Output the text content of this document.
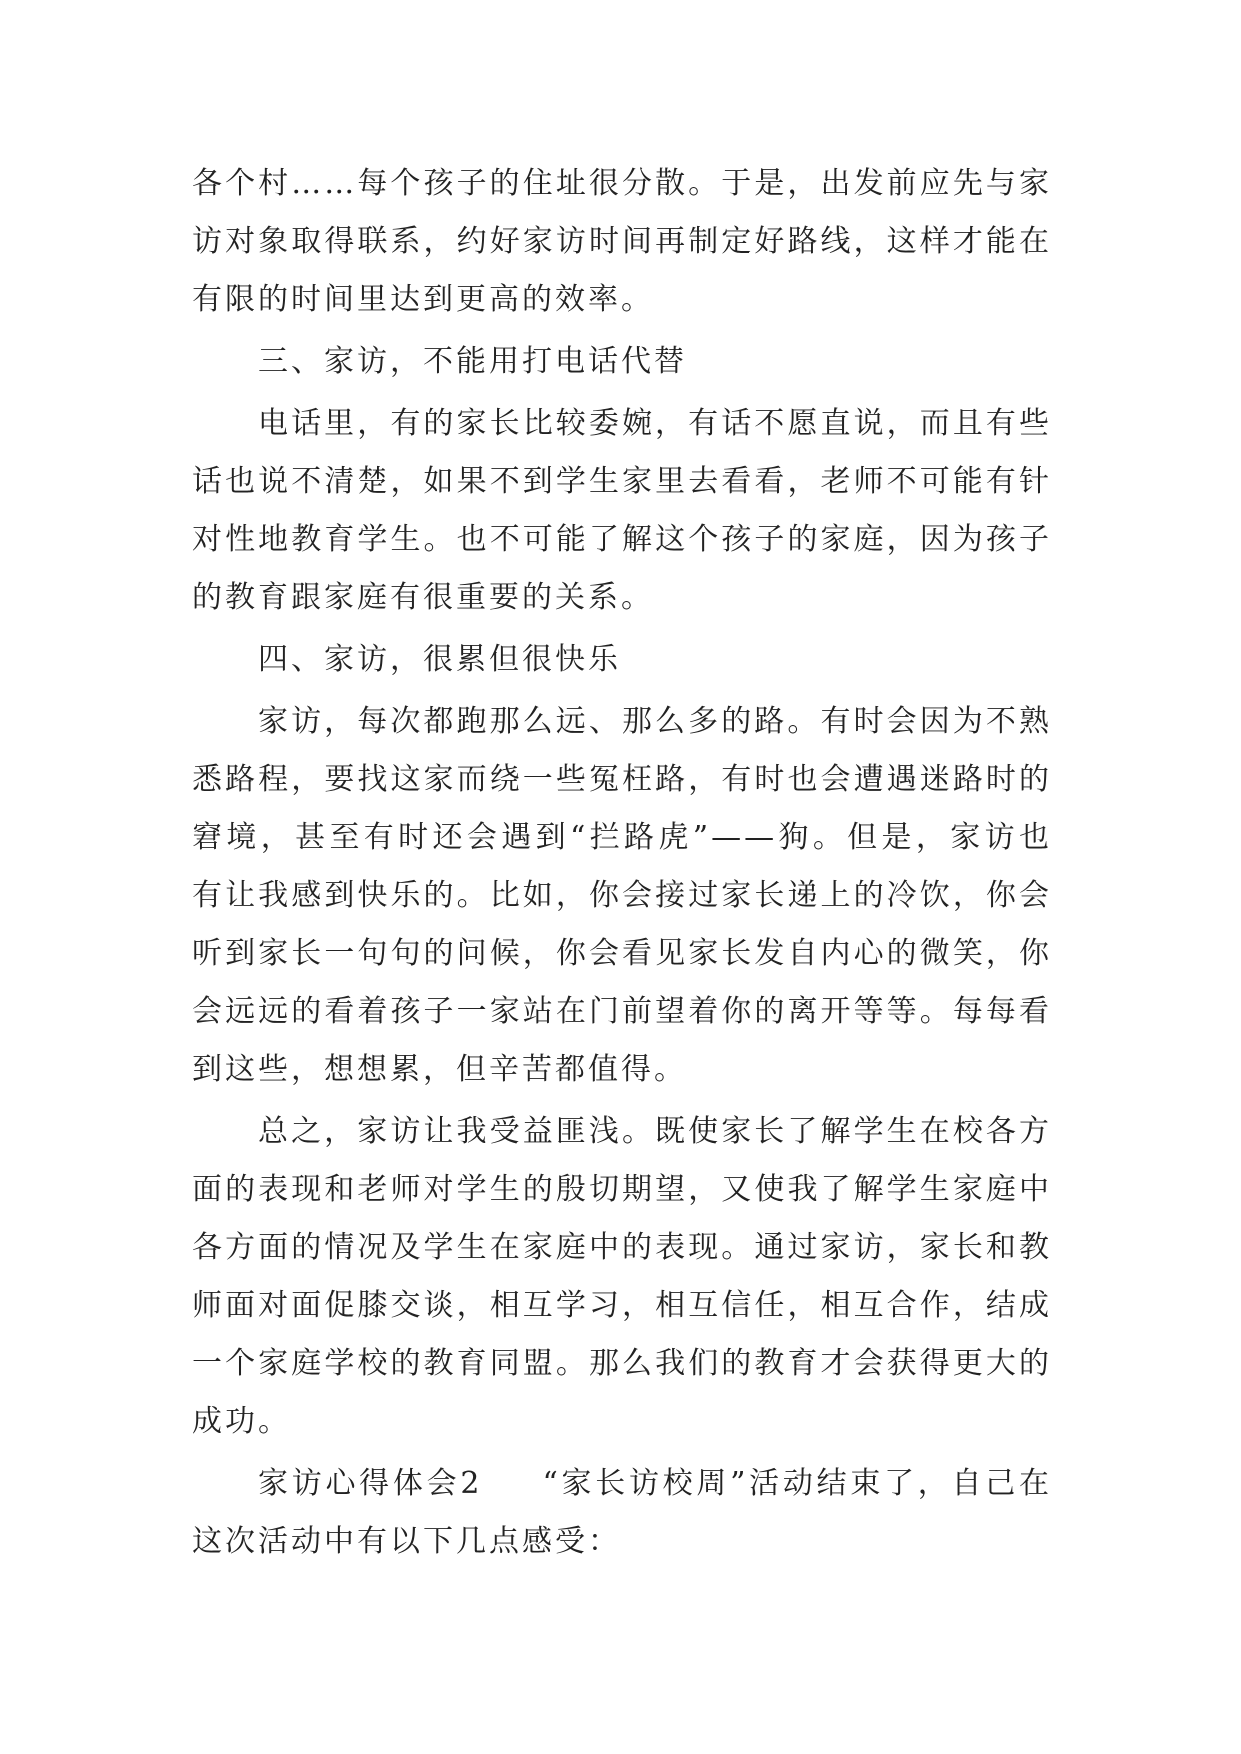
各个村……每个孩子的住址很分散。于是，出发前应先与家访对象取得联系，约好家访时间再制定好路线，这样才能在有限的时间里达到更高的效率。

三、家访，不能用打电话代替

电话里，有的家长比较委婉，有话不愿直说，而且有些话也说不清楚，如果不到学生家里去看看，老师不可能有针对性地教育学生。也不可能了解这个孩子的家庭，因为孩子的教育跟家庭有很重要的关系。

四、家访，很累但很快乐

家访，每次都跑那么远、那么多的路。有时会因为不熟悉路程，要找这家而绕一些冤枉路，有时也会遭遇迷路时的窘境，甚至有时还会遇到“拦路虎”——狗。但是，家访也有让我感到快乐的。比如，你会接过家长递上的冷饮，你会听到家长一句句的问候，你会看见家长发自内心的微笑，你会远远的看着孩子一家站在门前望着你的离开等等。每每看到这些，想想累，但辛苦都值得。

总之，家访让我受益匪浅。既使家长了解学生在校各方面的表现和老师对学生的殷切期望，又使我了解学生家庭中各方面的情况及学生在家庭中的表现。通过家访，家长和教师面对面促膝交谈，相互学习，相互信任，相互合作，结成一个家庭学校的教育同盟。那么我们的教育才会获得更大的成功。

家访心得体会2 “家长访校周”活动结束了，自己在这次活动中有以下几点感受：
